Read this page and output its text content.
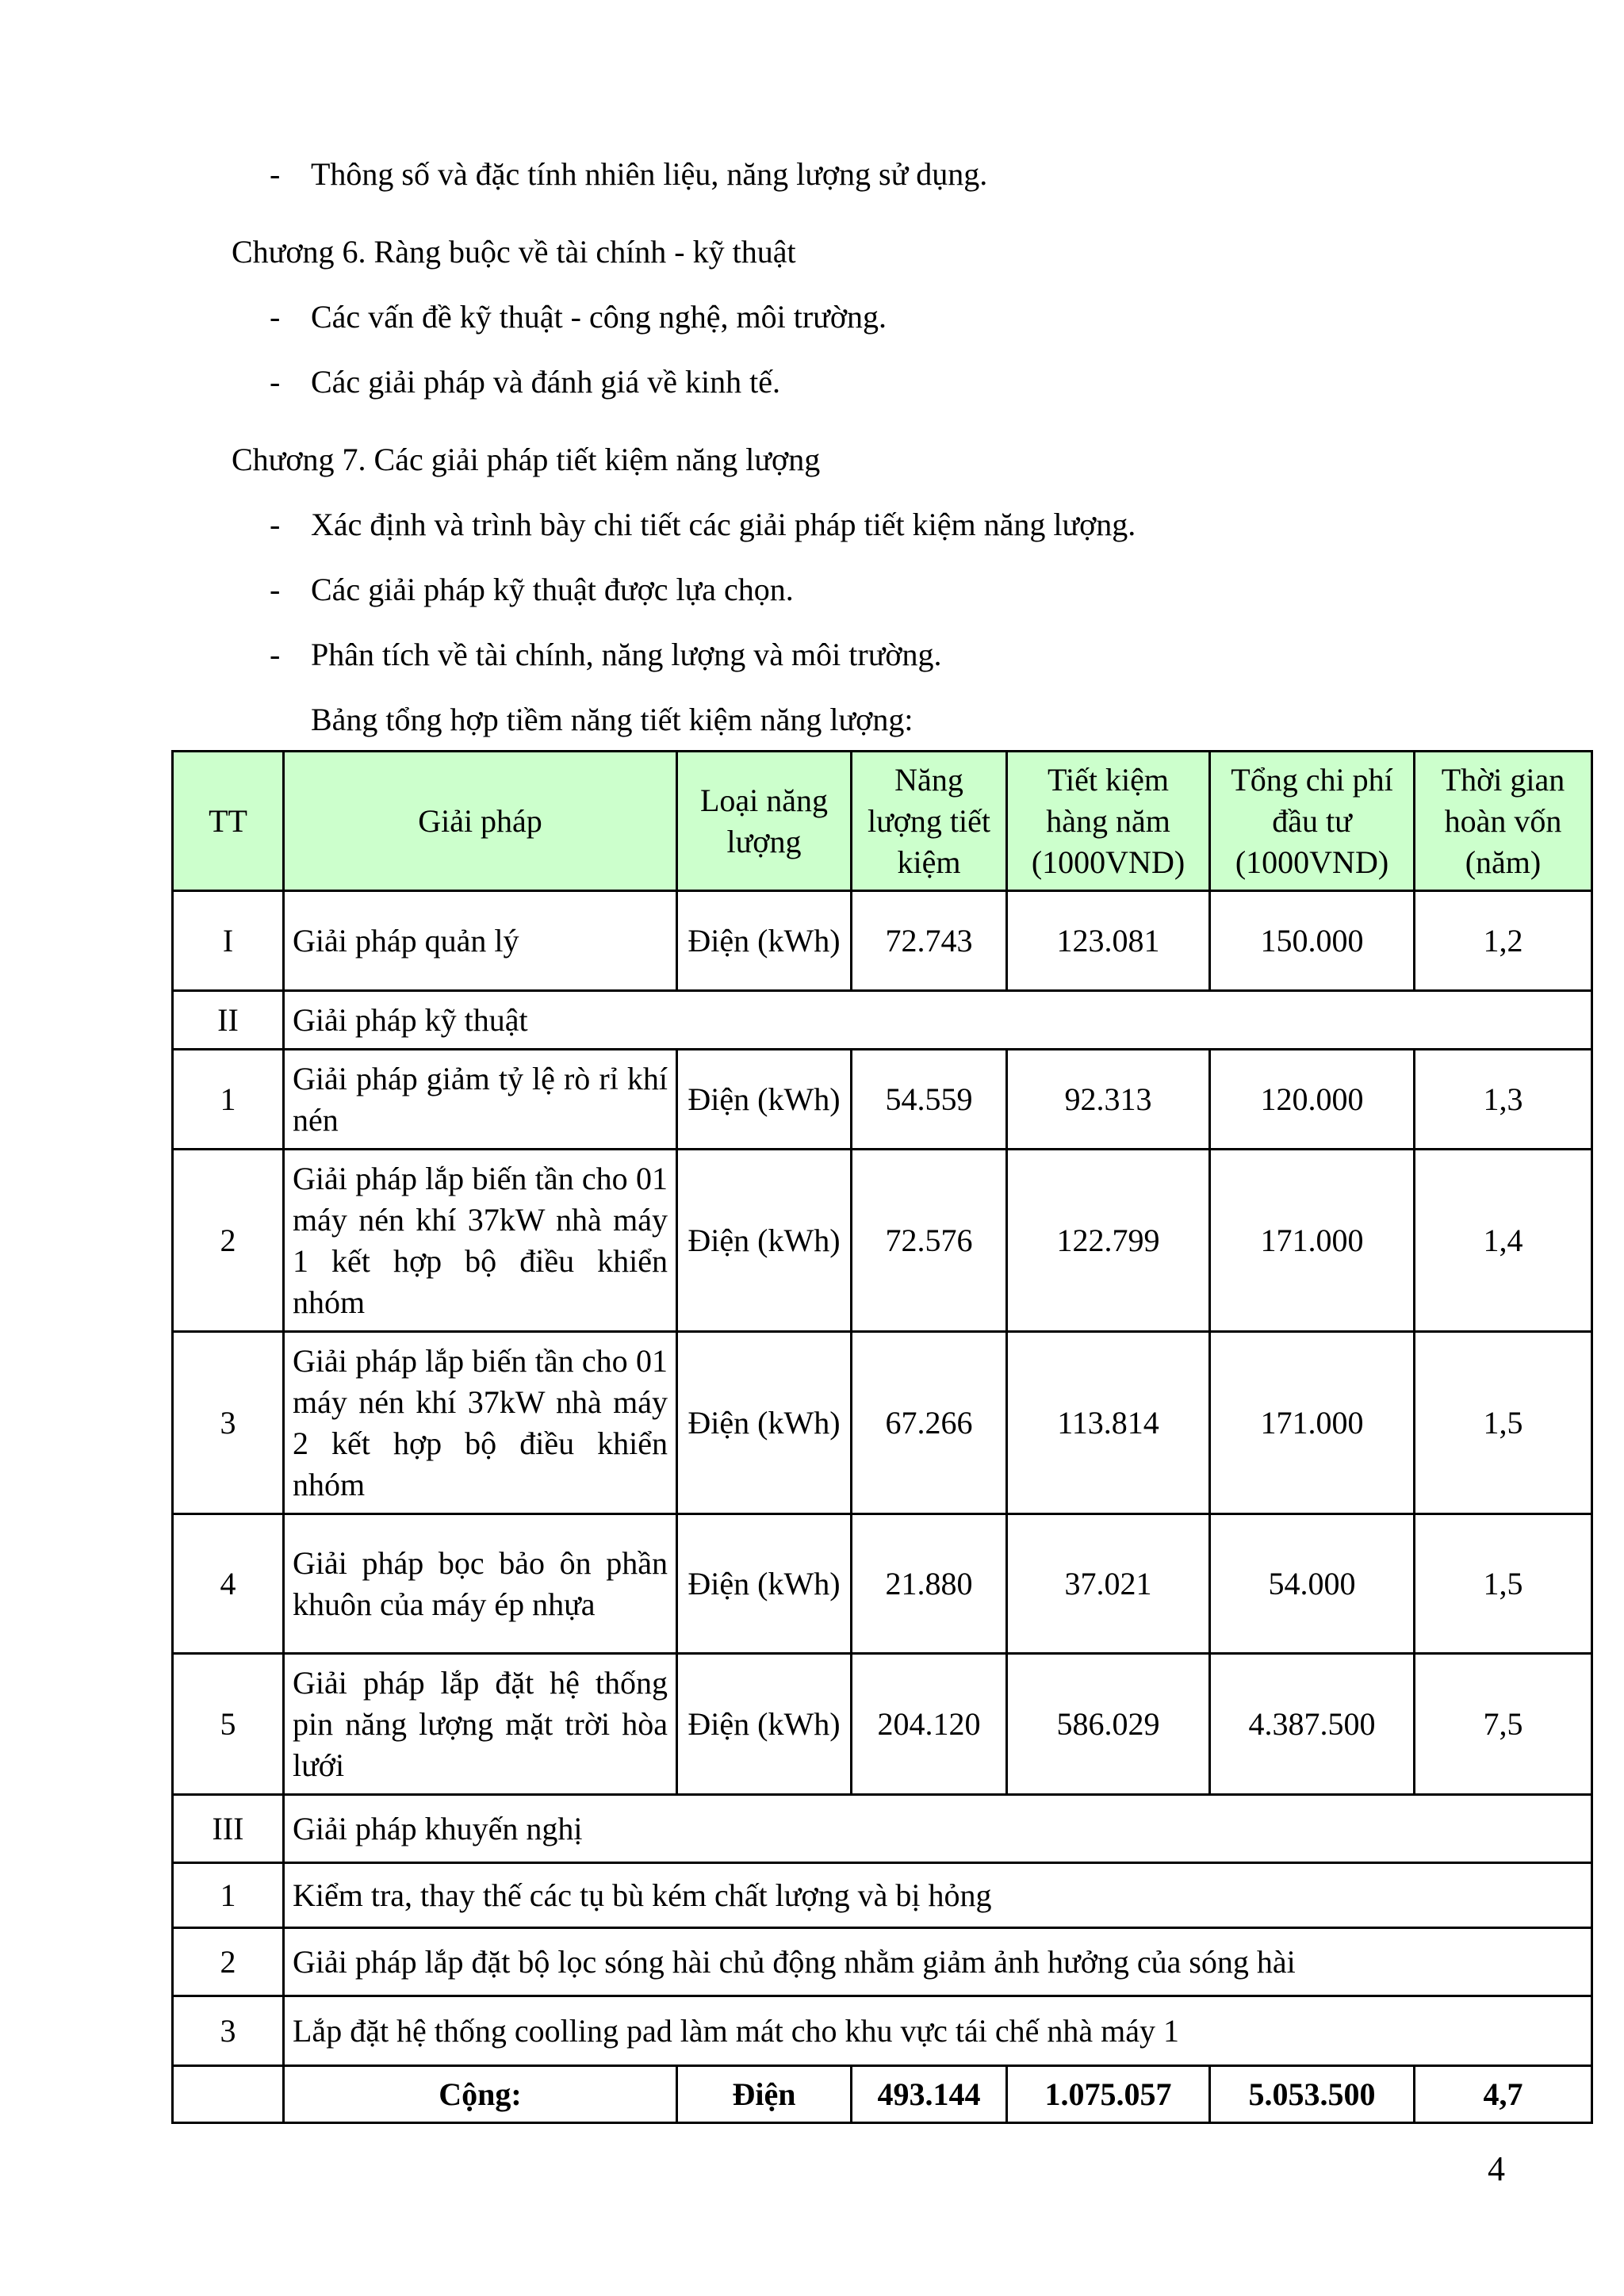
- Thông số và đặc tính nhiên liệu, năng lượng sử dụng.
Chương 6. Ràng buộc về tài chính - kỹ thuật
- Các vấn đề kỹ thuật - công nghệ, môi trường.
- Các giải pháp và đánh giá về kinh tế.
Chương 7. Các giải pháp tiết kiệm năng lượng
- Xác định và trình bày chi tiết các giải pháp tiết kiệm năng lượng.
- Các giải pháp kỹ thuật được lựa chọn.
- Phân tích về tài chính, năng lượng và môi trường.
Bảng tổng hợp tiềm năng tiết kiệm năng lượng:
TT	Giải pháp	Loại năng lượng	Năng lượng tiết kiệm	Tiết kiệm hàng năm (1000VND)	Tổng chi phí đầu tư (1000VND)	Thời gian hoàn vốn (năm)
I	Giải pháp quản lý	Điện (kWh)	72.743	123.081	150.000	1,2
II	Giải pháp kỹ thuật					
1	Giải pháp giảm tỷ lệ rò rỉ khí nén	Điện (kWh)	54.559	92.313	120.000	1,3
2	Giải pháp lắp biến tần cho 01 máy nén khí 37kW nhà máy 1 kết hợp bộ điều khiển nhóm	Điện (kWh)	72.576	122.799	171.000	1,4
3	Giải pháp lắp biến tần cho 01 máy nén khí 37kW nhà máy 2 kết hợp bộ điều khiển nhóm	Điện (kWh)	67.266	113.814	171.000	1,5
4	Giải pháp bọc bảo ôn phần khuôn của máy ép nhựa	Điện (kWh)	21.880	37.021	54.000	1,5
5	Giải pháp lắp đặt hệ thống pin năng lượng mặt trời hòa lưới	Điện (kWh)	204.120	586.029	4.387.500	7,5
III	Giải pháp khuyến nghị					
1	Kiểm tra, thay thế các tụ bù kém chất lượng và bị hỏng					
2	Giải pháp lắp đặt bộ lọc sóng hài chủ động nhằm giảm ảnh hưởng của sóng hài					
3	Lắp đặt hệ thống coolling pad làm mát cho khu vực tái chế nhà máy 1					
	Cộng:	Điện	493.144	1.075.057	5.053.500	4,7
4
